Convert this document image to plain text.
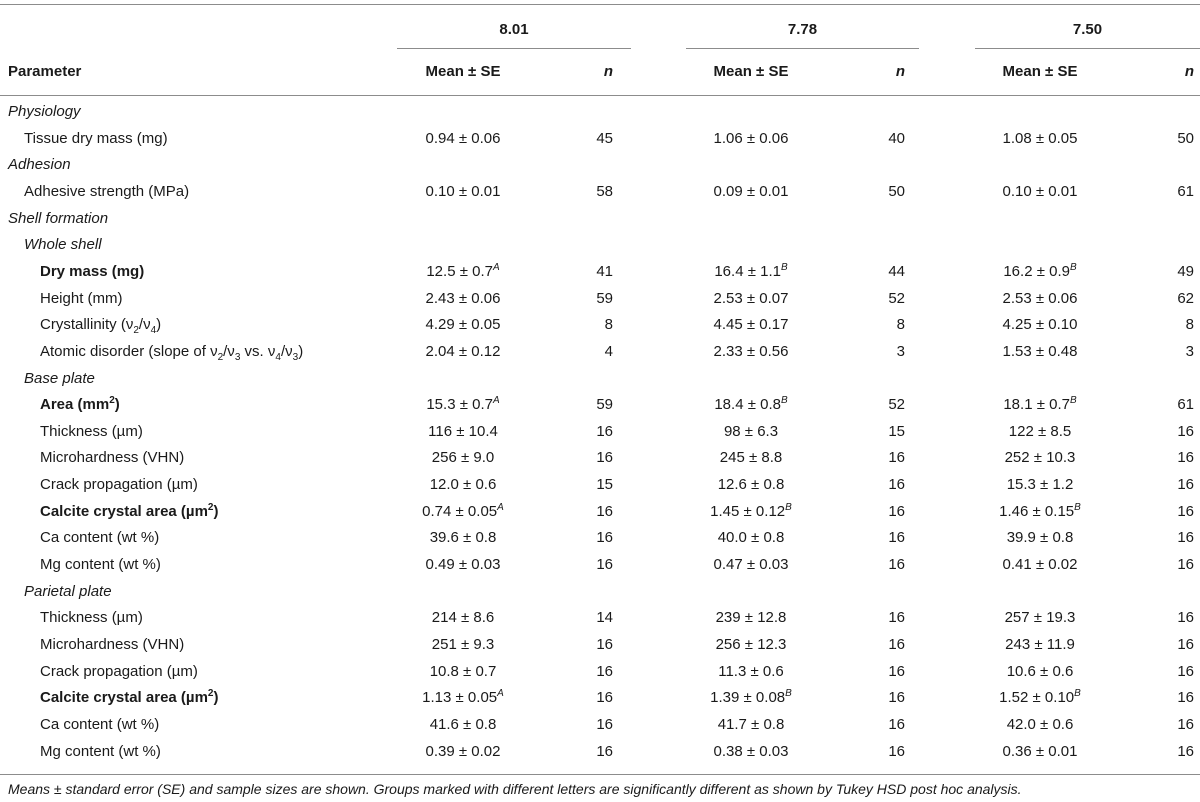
8.01	7.78	7.50
Parameter	Mean ± SE	n	Mean ± SE	n	Mean ± SE	n
Physiology
Tissue dry mass (mg)	0.94 ± 0.06	45	1.06 ± 0.06	40	1.08 ± 0.05	50
Adhesion
Adhesive strength (MPa)	0.10 ± 0.01	58	0.09 ± 0.01	50	0.10 ± 0.01	61
Shell formation
Whole shell
Dry mass (mg)	$12.5 \pm 0.7^A$	41	$16.4 \pm 1.1^B$	44	$16.2 \pm 0.9^B$	49
Height (mm)	2.43 ± 0.06	59	2.53 ± 0.07	52	2.53 ± 0.06	62
Crystallinity $(\nu_2/\nu_4)$	4.29 ± 0.05	8	4.45 ± 0.17	8	4.25 ± 0.10	8
Atomic disorder (slope of $\nu_2/\nu_3$ vs. $\nu_4/\nu_3$)	2.04 ± 0.12	4	2.33 ± 0.56	3	1.53 ± 0.48	3
Base plate
Area $(mm^2)$	$15.3 \pm 0.7^A$	59	$18.4 \pm 0.8^B$	52	$18.1 \pm 0.7^B$	61
Thickness (µm)	116 ± 10.4	16	98 ± 6.3	15	122 ± 8.5	16
Microhardness (VHN)	256 ± 9.0	16	245 ± 8.8	16	252 ± 10.3	16
Crack propagation (µm)	12.0 ± 0.6	15	12.6 ± 0.8	16	15.3 ± 1.2	16
Calcite crystal area (µm$^2$)	$0.74 \pm 0.05^A$	16	$1.45 \pm 0.12^B$	16	$1.46 \pm 0.15^B$	16
Ca content (wt %)	39.6 ± 0.8	16	40.0 ± 0.8	16	39.9 ± 0.8	16
Mg content (wt %)	0.49 ± 0.03	16	0.47 ± 0.03	16	0.41 ± 0.02	16
Parietal plate
Thickness (µm)	214 ± 8.6	14	239 ± 12.8	16	257 ± 19.3	16
Microhardness (VHN)	251 ± 9.3	16	256 ± 12.3	16	243 ± 11.9	16
Crack propagation (µm)	10.8 ± 0.7	16	11.3 ± 0.6	16	10.6 ± 0.6	16
Calcite crystal area (µm$^2$)	$1.13 \pm 0.05^A$	16	$1.39 \pm 0.08^B$	16	$1.52 \pm 0.10^B$	16
Ca content (wt %)	41.6 ± 0.8	16	41.7 ± 0.8	16	42.0 ± 0.6	16
Mg content (wt %)	0.39 ± 0.02	16	0.38 ± 0.03	16	0.36 ± 0.01	16
Means ± standard error (SE) and sample sizes are shown. Groups marked with different letters are significantly different as shown by Tukey HSD post hoc analysis.
